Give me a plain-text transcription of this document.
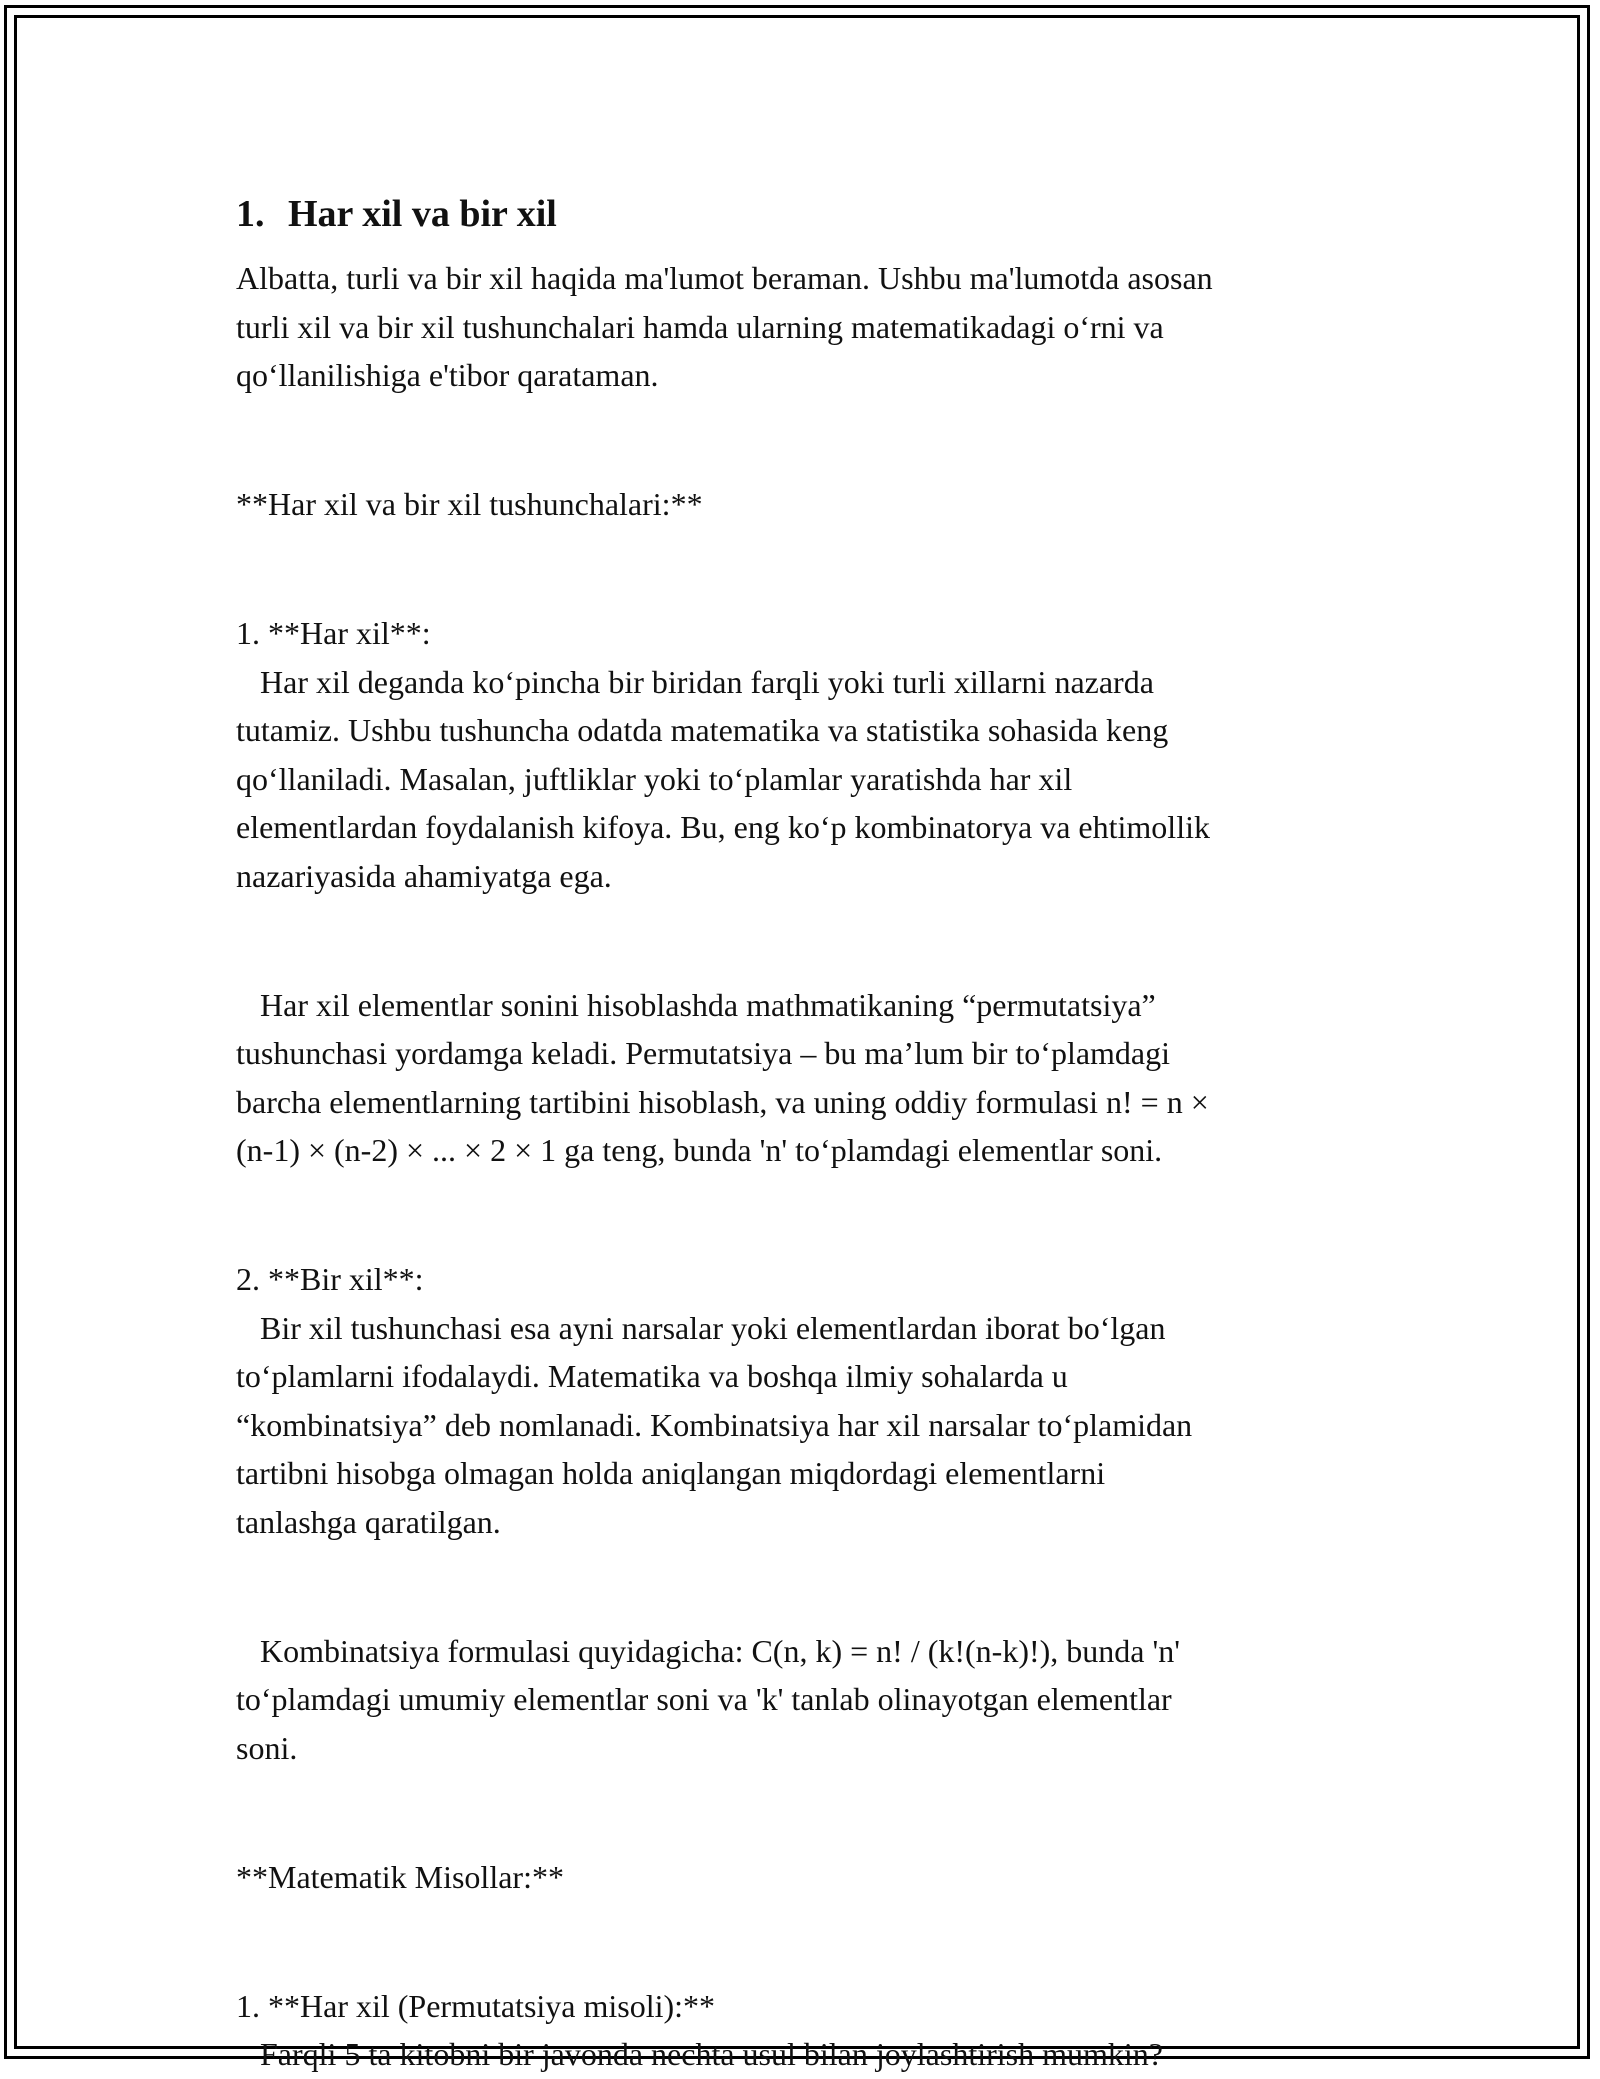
1. Har xil va bir xil

Albatta, turli va bir xil haqida ma'lumot beraman. Ushbu ma'lumotda asosan

turli xil va bir xil tushunchalari hamda ularning matematikadagi o‘rni va

qo‘llanilishiga e'tibor qarataman.

**Har xil va bir xil tushunchalari:**

1. **Har xil**:

Har xil deganda ko‘pincha bir biridan farqli yoki turli xillarni nazarda

tutamiz. Ushbu tushuncha odatda matematika va statistika sohasida keng

qo‘llaniladi. Masalan, juftliklar yoki to‘plamlar yaratishda har xil

elementlardan foydalanish kifoya. Bu, eng ko‘p kombinatorya va ehtimollik

nazariyasida ahamiyatga ega.

Har xil elementlar sonini hisoblashda mathmatikaning “permutatsiya”

tushunchasi yordamga keladi. Permutatsiya – bu ma’lum bir to‘plamdagi

barcha elementlarning tartibini hisoblash, va uning oddiy formulasi n! = n ×

(n-1) × (n-2) × ... × 2 × 1 ga teng, bunda 'n' to‘plamdagi elementlar soni.

2. **Bir xil**:

Bir xil tushunchasi esa ayni narsalar yoki elementlardan iborat bo‘lgan

to‘plamlarni ifodalaydi. Matematika va boshqa ilmiy sohalarda u

“kombinatsiya” deb nomlanadi. Kombinatsiya har xil narsalar to‘plamidan

tartibni hisobga olmagan holda aniqlangan miqdordagi elementlarni

tanlashga qaratilgan.

Kombinatsiya formulasi quyidagicha: C(n, k) = n! / (k!(n-k)!), bunda 'n'

to‘plamdagi umumiy elementlar soni va 'k' tanlab olinayotgan elementlar

soni.

**Matematik Misollar:**

1. **Har xil (Permutatsiya misoli):**

Farqli 5 ta kitobni bir javonda nechta usul bilan joylashtirish mumkin?
